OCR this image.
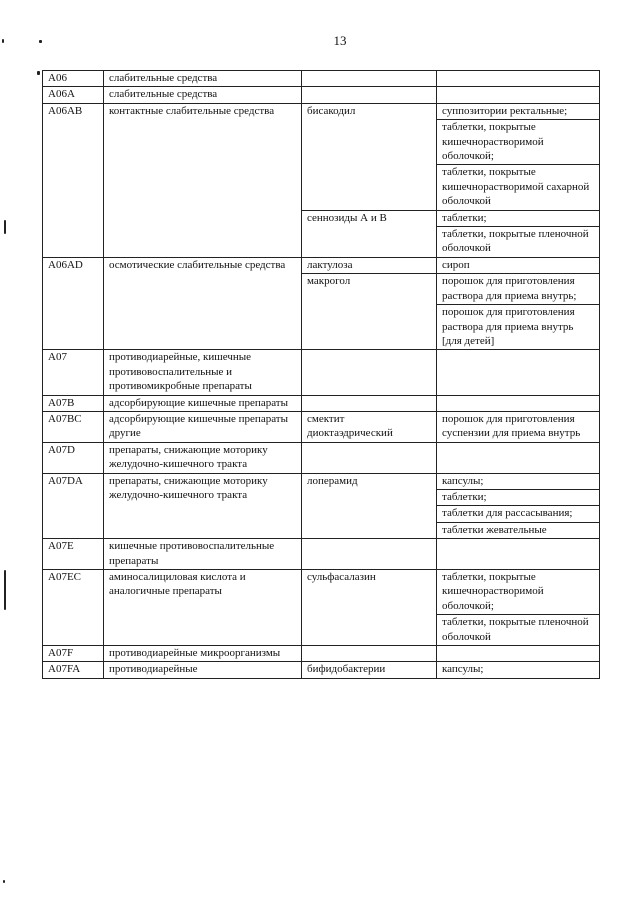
13
A06	слабительные средства		
A06A	слабительные средства		
A06AB	контактные слабительные средства	бисакодил	суппозитории ректальные;
			таблетки, покрытые кишечнорастворимой оболочкой;
			таблетки, покрытые кишечнорастворимой сахарной оболочкой
		сеннозиды А и В	таблетки;
			таблетки, покрытые пленочной оболочкой
A06AD	осмотические слабительные средства	лактулоза	сироп
		макрогол	порошок для приготовления раствора для приема внутрь;
			порошок для приготовления раствора для приема внутрь [для детей]
A07	противодиарейные, кишечные противовоспалительные и противомикробные препараты		
A07B	адсорбирующие кишечные препараты		
A07BC	адсорбирующие кишечные препараты другие	смектит диоктаэдрический	порошок для приготовления суспензии для приема внутрь
A07D	препараты, снижающие моторику желудочно-кишечного тракта		
A07DA	препараты, снижающие моторику желудочно-кишечного тракта	лоперамид	капсулы;
			таблетки;
			таблетки для рассасывания;
			таблетки жевательные
A07E	кишечные противовоспалительные препараты		
A07EC	аминосалициловая кислота и аналогичные препараты	сульфасалазин	таблетки, покрытые кишечнорастворимой оболочкой;
			таблетки, покрытые пленочной оболочкой
A07F	противодиарейные микроорганизмы		
A07FA	противодиарейные	бифидобактерии	капсулы;
